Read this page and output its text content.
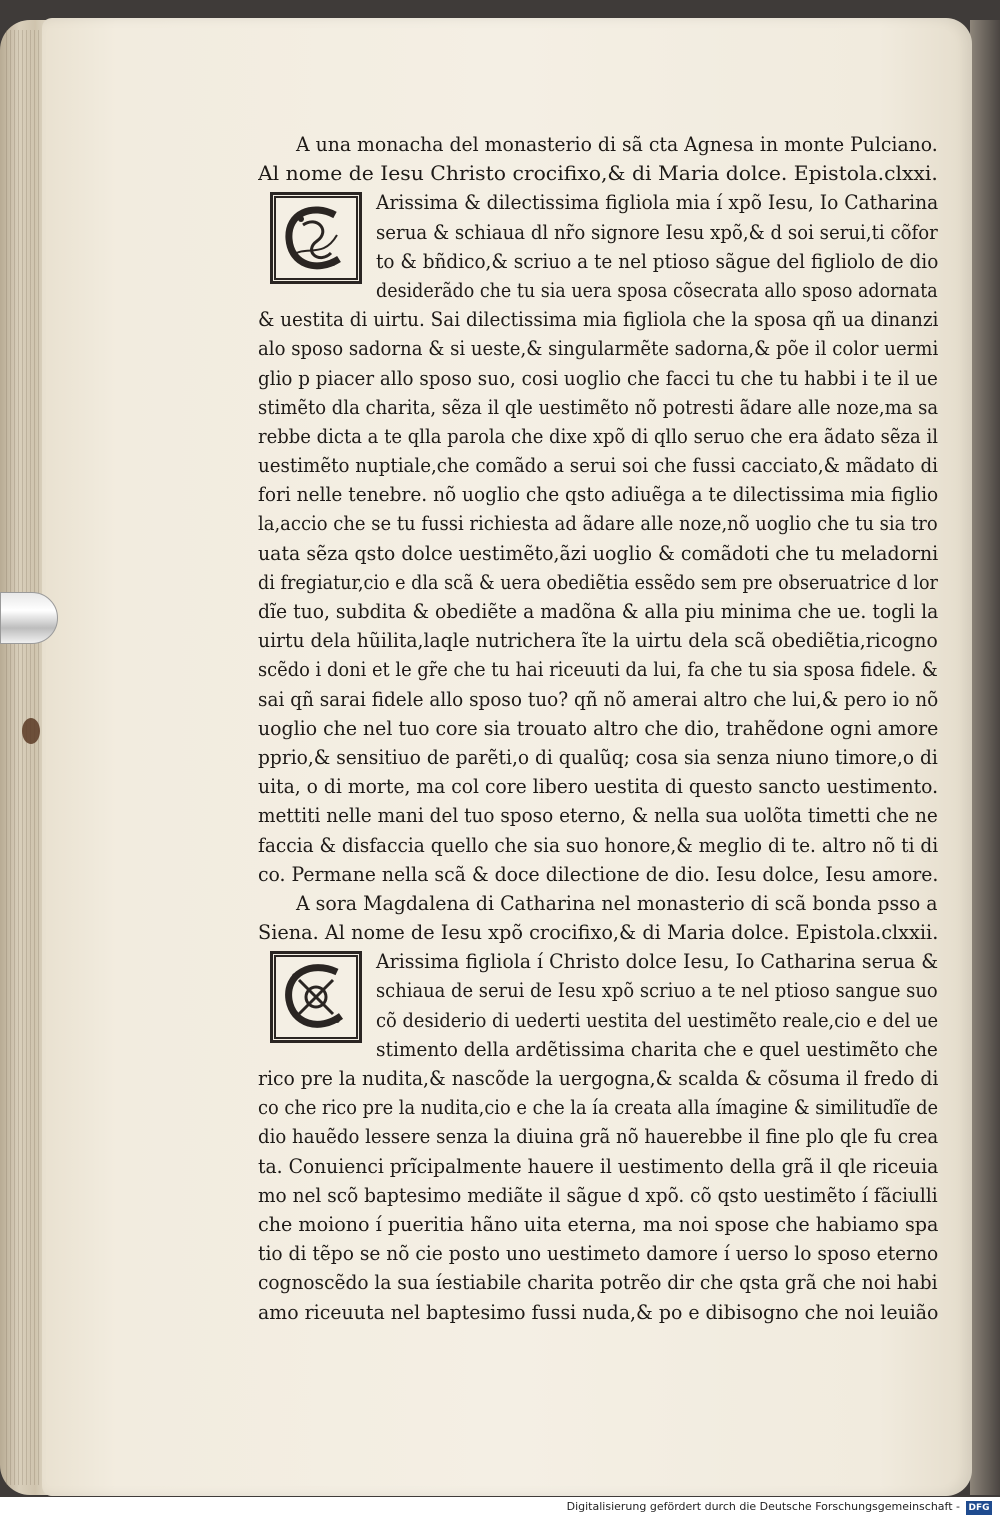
A una monacha del monasterio di sã cta Agnesa in monte Pulciano.
Al nome de Iesu Christo crocifixo,& di Maria dolce. Epistola.clxxi.
Arissima & dilectissima figliola mia í xpõ Iesu, Io Catharina
serua & schiaua dl nr̃o signore Iesu xpõ,& d soi serui,ti cõfor
to & bñdico,& scriuo a te nel ptioso sãgue del figliolo de dio
desiderãdo che tu sia uera sposa cõsecrata allo sposo adornata
& uestita di uirtu. Sai dilectissima mia figliola che la sposa qñ ua dinanzi
alo sposo sadorna & si ueste,& singularmẽte sadorna,& põe il color uermi
glio p piacer allo sposo suo, cosi uoglio che facci tu che tu habbi i te il ue
stimẽto dla charita, sẽza il qle uestimẽto nõ potresti ãdare alle noze,ma sa
rebbe dicta a te qlla parola che dixe xpõ di qllo seruo che era ãdato sẽza il
uestimẽto nuptiale,che comãdo a serui soi che fussi cacciato,& mãdato di
fori nelle tenebre. nõ uoglio che qsto adiuẽga a te dilectissima mia figlio
la,accio che se tu fussi richiesta ad ãdare alle noze,nõ uoglio che tu sia tro
uata sẽza qsto dolce uestimẽto,ãzi uoglio & comãdoti che tu meladorni
di fregiatur,cio e dla scã & uera obediẽtia essẽdo sem pre obseruatrice d lor
dĩe tuo, subdita & obediẽte a madõna & alla piu minima che ue. togli la
uirtu dela hũilita,laqle nutrichera ĩte la uirtu dela scã obediẽtia,ricogno
scẽdo i doni et le gr̃e che tu hai riceuuti da lui, fa che tu sia sposa fidele. &
sai qñ sarai fidele allo sposo tuo? qñ nõ amerai altro che lui,& pero io nõ
uoglio che nel tuo core sia trouato altro che dio, trahẽdone ogni amore
pprio,& sensitiuo de parẽti,o di qualũq; cosa sia senza niuno timore,o di
uita, o di morte, ma col core libero uestita di questo sancto uestimento.
mettiti nelle mani del tuo sposo eterno, & nella sua uolõta timetti che ne
faccia & disfaccia quello che sia suo honore,& meglio di te. altro nõ ti di
co. Permane nella scã & doce dilectione de dio. Iesu dolce, Iesu amore.
A sora Magdalena di Catharina nel monasterio di scã bonda psso a
Siena. Al nome de Iesu xpõ crocifixo,& di Maria dolce. Epistola.clxxii.
Arissima figliola í Christo dolce Iesu, Io Catharina serua &
schiaua de serui de Iesu xpõ scriuo a te nel ptioso sangue suo
cõ desiderio di uederti uestita del uestimẽto reale,cio e del ue
stimento della ardẽtissima charita che e quel uestimẽto che
rico pre la nudita,& nascõde la uergogna,& scalda & cõsuma il fredo di
co che rico pre la nudita,cio e che la ía creata alla ímagine & similitudĩe de
dio hauẽdo lessere senza la diuina grã nõ hauerebbe il fine plo qle fu crea
ta. Conuienci prĩcipalmente hauere il uestimento della grã il qle riceuia
mo nel scõ baptesimo mediãte il sãgue d xpõ. cõ qsto uestimẽto í fãciulli
che moiono í pueritia hãno uita eterna, ma noi spose che habiamo spa
tio di tẽpo se nõ cie posto uno uestimeto damore í uerso lo sposo eterno
cognoscẽdo la sua íestiabile charita potrẽo dir che qsta grã che noi habi
amo riceuuta nel baptesimo fussi nuda,& po e dibisogno che noi leuião
Digitalisierung gefördert durch die Deutsche Forschungsgemeinschaft - DFG
